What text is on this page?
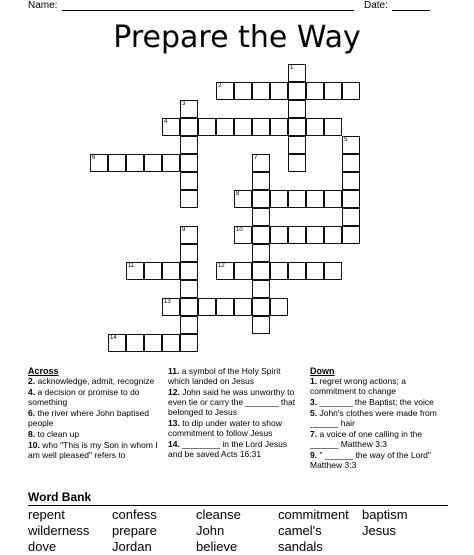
Name:	Date:
Prepare the Way
1
2
3
4
5
6	7
8
9	10
11	12
13
14
Across

2. acknowledge, admit, recognize

4. a decision or promise to do something

6. the river where John baptised people

8. to clean up

10. who "This is my Son in whom I am well pleased" refers to

11. a symbol of the Holy Spirit which landed on Jesus

12. John said he was unworthy to even tie or carry the _______ that belonged to Jesus

13. to dip under water to show commitment to follow Jesus

14. ________ in the Lord Jesus and be saved Acts 16:31

Down

1. regret wrong actions; a commitment to change

3. _______ the Baptist; the voice

5. John's clothes were made from ______ hair

7. a voice of one calling in the ______ Matthew 3:3

9. " ______ the way of the Lord" Matthew 3:3

Word Bank
repent	confess	cleanse	commitment baptism
wilderness prepare	John	camel's	Jesus
dove	Jordan	believe	sandals
